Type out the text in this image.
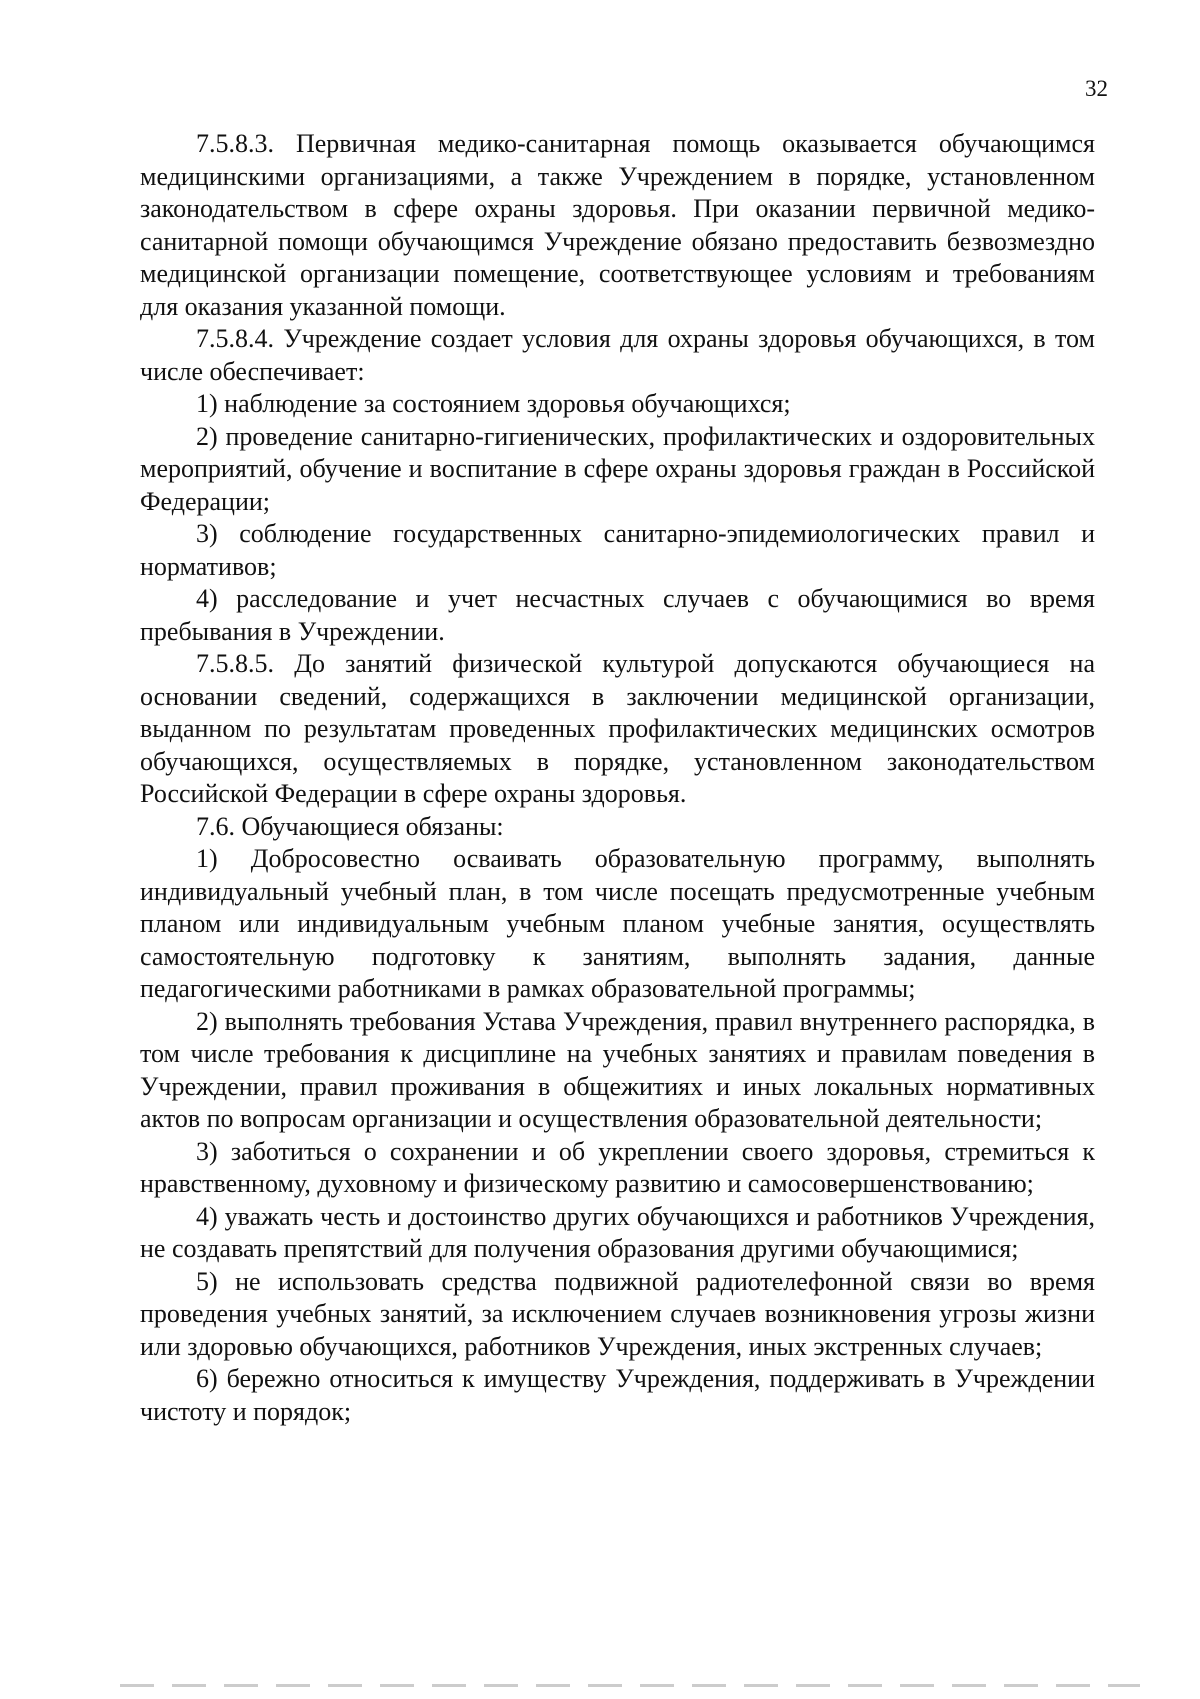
32

7.5.8.3. Первичная медико-санитарная помощь оказывается обучающимся медицинскими организациями, а также Учреждением в порядке, установленном законодательством в сфере охраны здоровья. При оказании первичной медико-санитарной помощи обучающимся Учреждение обязано предоставить безвозмездно медицинской организации помещение, соответствующее условиям и требованиям для оказания указанной помощи.

7.5.8.4. Учреждение создает условия для охраны здоровья обучающихся, в том числе обеспечивает:

1) наблюдение за состоянием здоровья обучающихся;

2) проведение санитарно-гигиенических, профилактических и оздоровительных мероприятий, обучение и воспитание в сфере охраны здоровья граждан в Российской Федерации;

3) соблюдение государственных санитарно-эпидемиологических правил и нормативов;

4) расследование и учет несчастных случаев с обучающимися во время пребывания в Учреждении.

7.5.8.5. До занятий физической культурой допускаются обучающиеся на основании сведений, содержащихся в заключении медицинской организации, выданном по результатам проведенных профилактических медицинских осмотров обучающихся, осуществляемых в порядке, установленном законодательством Российской Федерации в сфере охраны здоровья.

7.6. Обучающиеся обязаны:

1) Добросовестно осваивать образовательную программу, выполнять индивидуальный учебный план, в том числе посещать предусмотренные учебным планом или индивидуальным учебным планом учебные занятия, осуществлять самостоятельную подготовку к занятиям, выполнять задания, данные педагогическими работниками в рамках образовательной программы;

2) выполнять требования Устава Учреждения, правил внутреннего распорядка, в том числе требования к дисциплине на учебных занятиях и правилам поведения в Учреждении, правил проживания в общежитиях и иных локальных нормативных актов по вопросам организации и осуществления образовательной деятельности;

3) заботиться о сохранении и об укреплении своего здоровья, стремиться к нравственному, духовному и физическому развитию и самосовершенствованию;

4) уважать честь и достоинство других обучающихся и работников Учреждения, не создавать препятствий для получения образования другими обучающимися;

5) не использовать средства подвижной радиотелефонной связи во время проведения учебных занятий, за исключением случаев возникновения угрозы жизни или здоровью обучающихся, работников Учреждения, иных экстренных случаев;

6) бережно относиться к имуществу Учреждения, поддерживать в Учреждении чистоту и порядок;
